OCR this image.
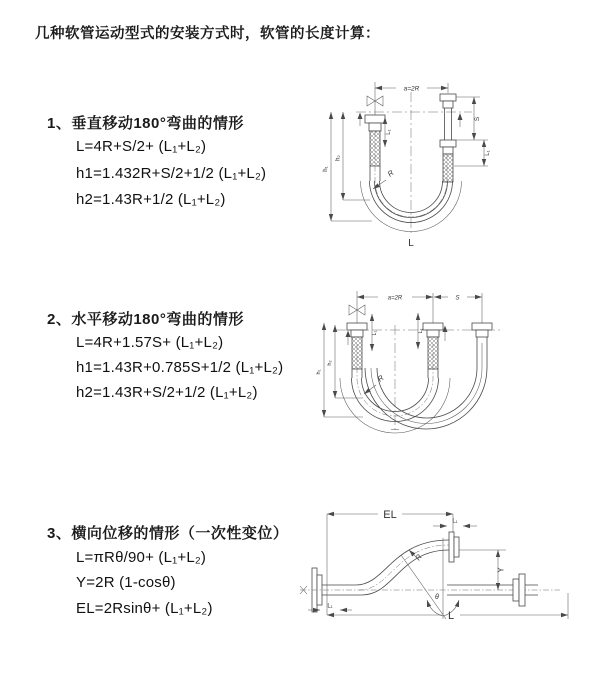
几种软管运动型式的安装方式时，软管的长度计算：
1、垂直移动180°弯曲的情形
L=4R+S/2+ (L₁+L₂)
h1=1.432R+S/2+1/2 (L₁+L₂)
h2=1.43R+1/2 (L₁+L₂)
2、水平移动180°弯曲的情形
L=4R+1.57S+ (L₁+L₂)
h1=1.43R+0.785S+1/2 (L₁+L₂)
h2=1.43R+S/2+1/2 (L₁+L₂)
3、横向位移的情形（一次性变位）
L=πRθ/90+ (L₁+L₂)
Y=2R (1-cosθ)
EL=2Rsinθ+ (L₁+L₂)
a=2R
L₁
S
L₁
h₁
h₂
R
L
a=2R	S
L₁	L₁
h₁
h₂
R
EL
L₁
L₁
Y
θ
R
L
